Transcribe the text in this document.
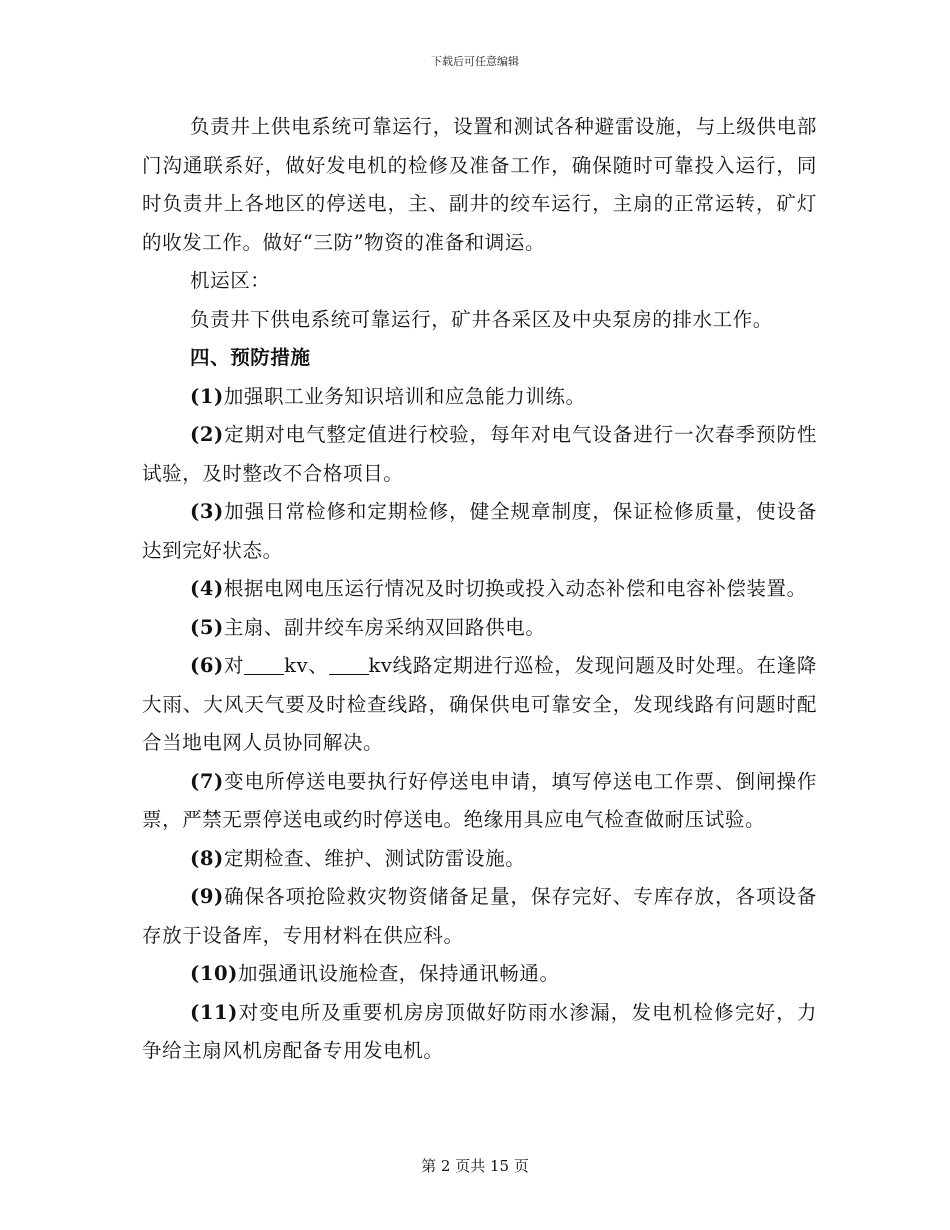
下载后可任意编辑

负责井上供电系统可靠运行，设置和测试各种避雷设施，与上级供电部门沟通联系好，做好发电机的检修及准备工作，确保随时可靠投入运行，同时负责井上各地区的停送电，主、副井的绞车运行，主扇的正常运转，矿灯的收发工作。做好“三防”物资的准备和调运。

机运区：

负责井下供电系统可靠运行，矿井各采区及中央泵房的排水工作。

四、预防措施

(1)加强职工业务知识培训和应急能力训练。

(2)定期对电气整定值进行校验，每年对电气设备进行一次春季预防性试验，及时整改不合格项目。

(3)加强日常检修和定期检修，健全规章制度，保证检修质量，使设备达到完好状态。

(4)根据电网电压运行情况及时切换或投入动态补偿和电容补偿装置。

(5)主扇、副井绞车房采纳双回路供电。

(6)对 kv、 kv线路定期进行巡检，发现问题及时处理。在逢降大雨、大风天气要及时检查线路，确保供电可靠安全，发现线路有问题时配合当地电网人员协同解决。

(7)变电所停送电要执行好停送电申请，填写停送电工作票、倒闸操作票，严禁无票停送电或约时停送电。绝缘用具应电气检查做耐压试验。

(8)定期检查、维护、测试防雷设施。

(9)确保各项抢险救灾物资储备足量，保存完好、专库存放，各项设备存放于设备库，专用材料在供应科。

(10)加强通讯设施检查，保持通讯畅通。

(11)对变电所及重要机房房顶做好防雨水渗漏，发电机检修完好，力争给主扇风机房配备专用发电机。

第 2 页共 15 页
